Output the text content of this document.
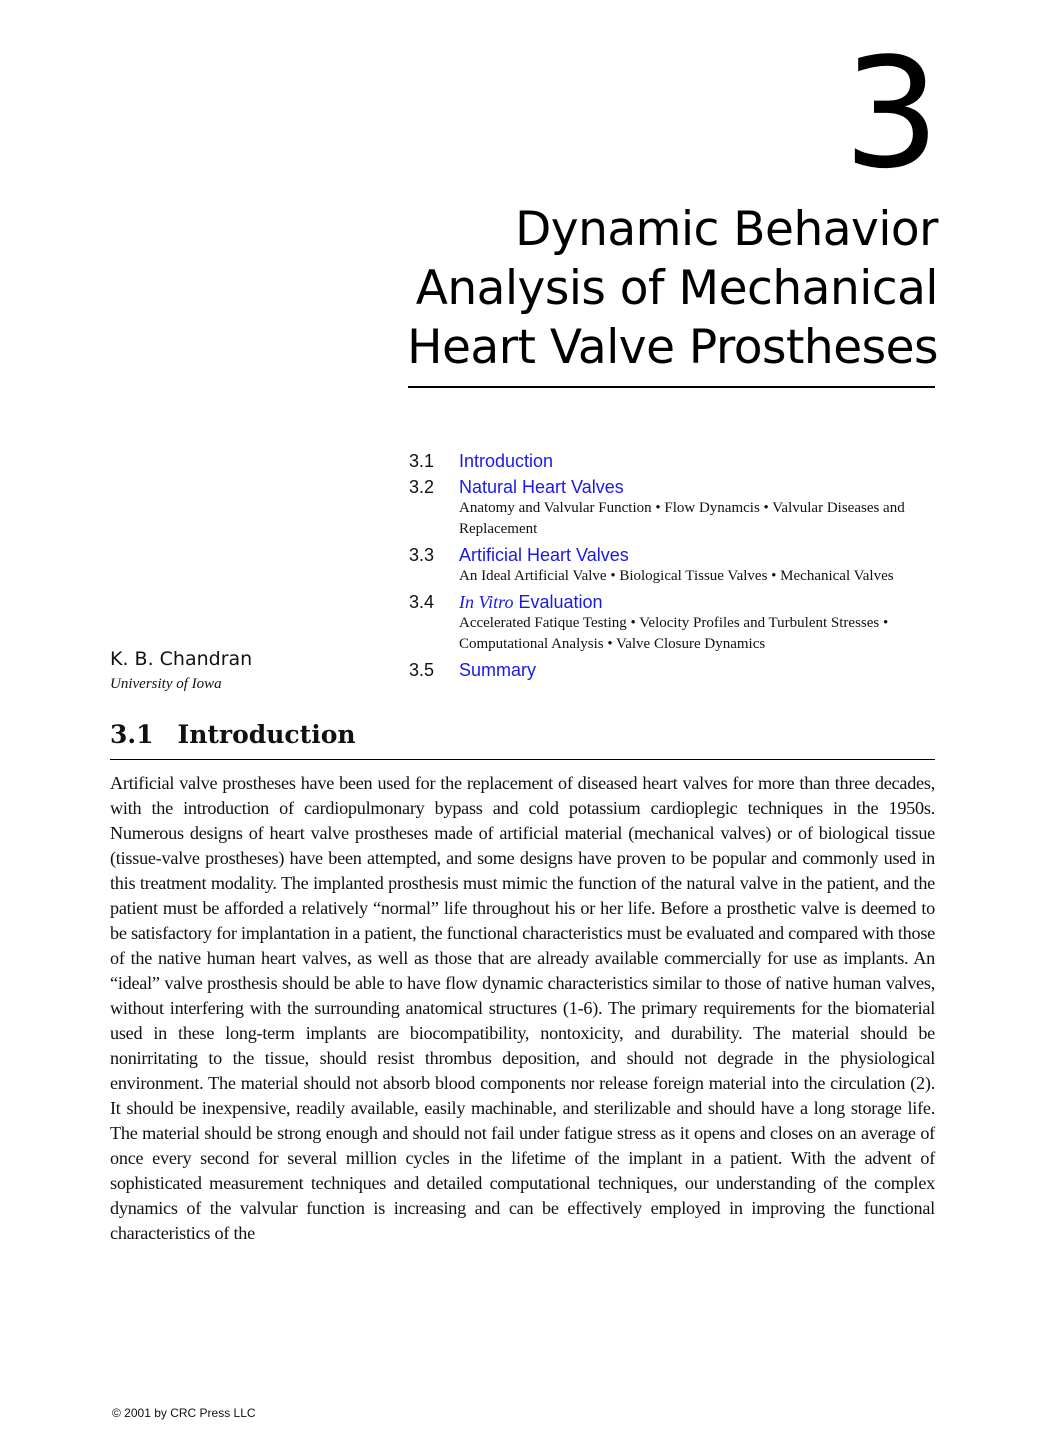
3
Dynamic Behavior
Analysis of Mechanical
Heart Valve Prostheses
3.1 Introduction
3.2 Natural Heart Valves
Anatomy and Valvular Function • Flow Dynamcis • Valvular Diseases and Replacement
3.3 Artificial Heart Valves
An Ideal Artificial Valve • Biological Tissue Valves • Mechanical Valves
3.4 In Vitro Evaluation
Accelerated Fatique Testing • Velocity Profiles and Turbulent Stresses • Computational Analysis • Valve Closure Dynamics
3.5 Summary
K. B. Chandran
University of Iowa
3.1 Introduction

Artificial valve prostheses have been used for the replacement of diseased heart valves for more than three decades, with the introduction of cardiopulmonary bypass and cold potassium cardioplegic techniques in the 1950s. Numerous designs of heart valve prostheses made of artificial material (mechanical valves) or of biological tissue (tissue-valve prostheses) have been attempted, and some designs have proven to be popular and commonly used in this treatment modality. The implanted prosthesis must mimic the function of the natural valve in the patient, and the patient must be afforded a relatively “normal” life throughout his or her life. Before a prosthetic valve is deemed to be satisfactory for implantation in a patient, the functional characteristics must be evaluated and compared with those of the native human heart valves, as well as those that are already available commercially for use as implants. An “ideal” valve prosthesis should be able to have flow dynamic characteristics similar to those of native human valves, without interfering with the surrounding anatomical structures (1-6). The primary requirements for the biomaterial used in these long-term implants are biocompatibility, nontoxicity, and durability. The material should be nonirritating to the tissue, should resist thrombus deposition, and should not degrade in the physiological environment. The material should not absorb blood components nor release foreign material into the circulation (2). It should be inexpensive, readily available, easily machinable, and sterilizable and should have a long storage life. The material should be strong enough and should not fail under fatigue stress as it opens and closes on an average of once every second for several million cycles in the lifetime of the implant in a patient. With the advent of sophisticated measurement techniques and detailed computational techniques, our understanding of the complex dynamics of the valvular function is increasing and can be effectively employed in improving the functional characteristics of the

© 2001 by CRC Press LLC
